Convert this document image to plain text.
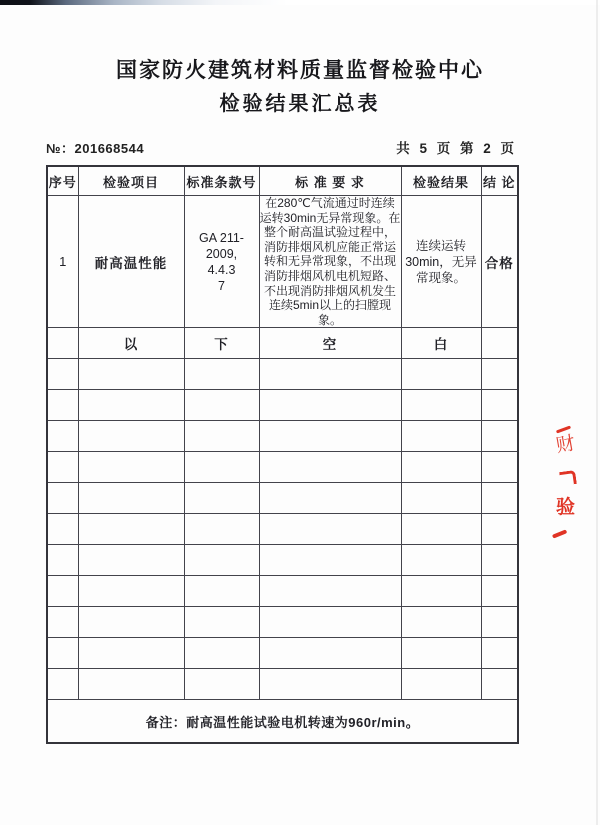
国家防火建筑材料质量监督检验中心
检验结果汇总表
№：201668544	共 5 页 第 2 页
序号	检验项目	标准条款号	标 准 要 求	检验结果	结 论
1	耐高温性能	GA 211-
2009,
4.4.3
7	在280℃气流通过时连续运转30min无异常现象。在整个耐高温试验过程中，消防排烟风机应能正常运转和无异常现象，不出现消防排烟风机电机短路、不出现消防排烟风机发生连续5min以上的扫膛现象。	连续运转30min，无异常现象。	合格
	以	下	空	白	

备注：耐高温性能试验电机转速为960r/min。					
财
验
